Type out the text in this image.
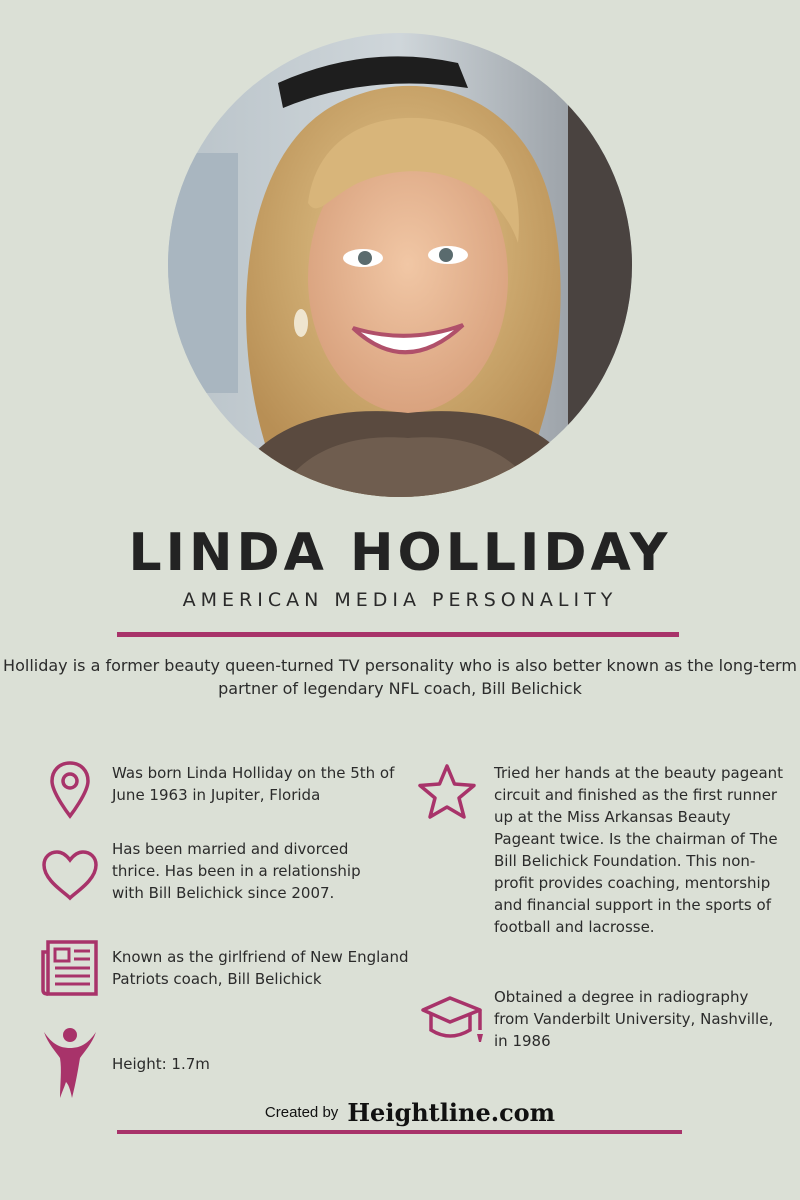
LINDA HOLLIDAY
AMERICAN MEDIA PERSONALITY
Holliday is a former beauty queen-turned TV personality who is also better known as the long-term partner of legendary NFL coach, Bill Belichick
Was born Linda Holliday on the 5th of June 1963 in Jupiter, Florida
Has been married and divorced thrice. Has been in a relationship with Bill Belichick since 2007.
Known as the girlfriend of New England Patriots coach, Bill Belichick
Height: 1.7m
Tried her hands at the beauty pageant circuit and finished as the first runner up at the Miss Arkansas Beauty Pageant twice. Is the chairman of The Bill Belichick Foundation. This non-profit provides coaching, mentorship and financial support in the sports of football and lacrosse.
Obtained a degree in radiography from Vanderbilt University, Nashville, in 1986
Created by Heightline.com
